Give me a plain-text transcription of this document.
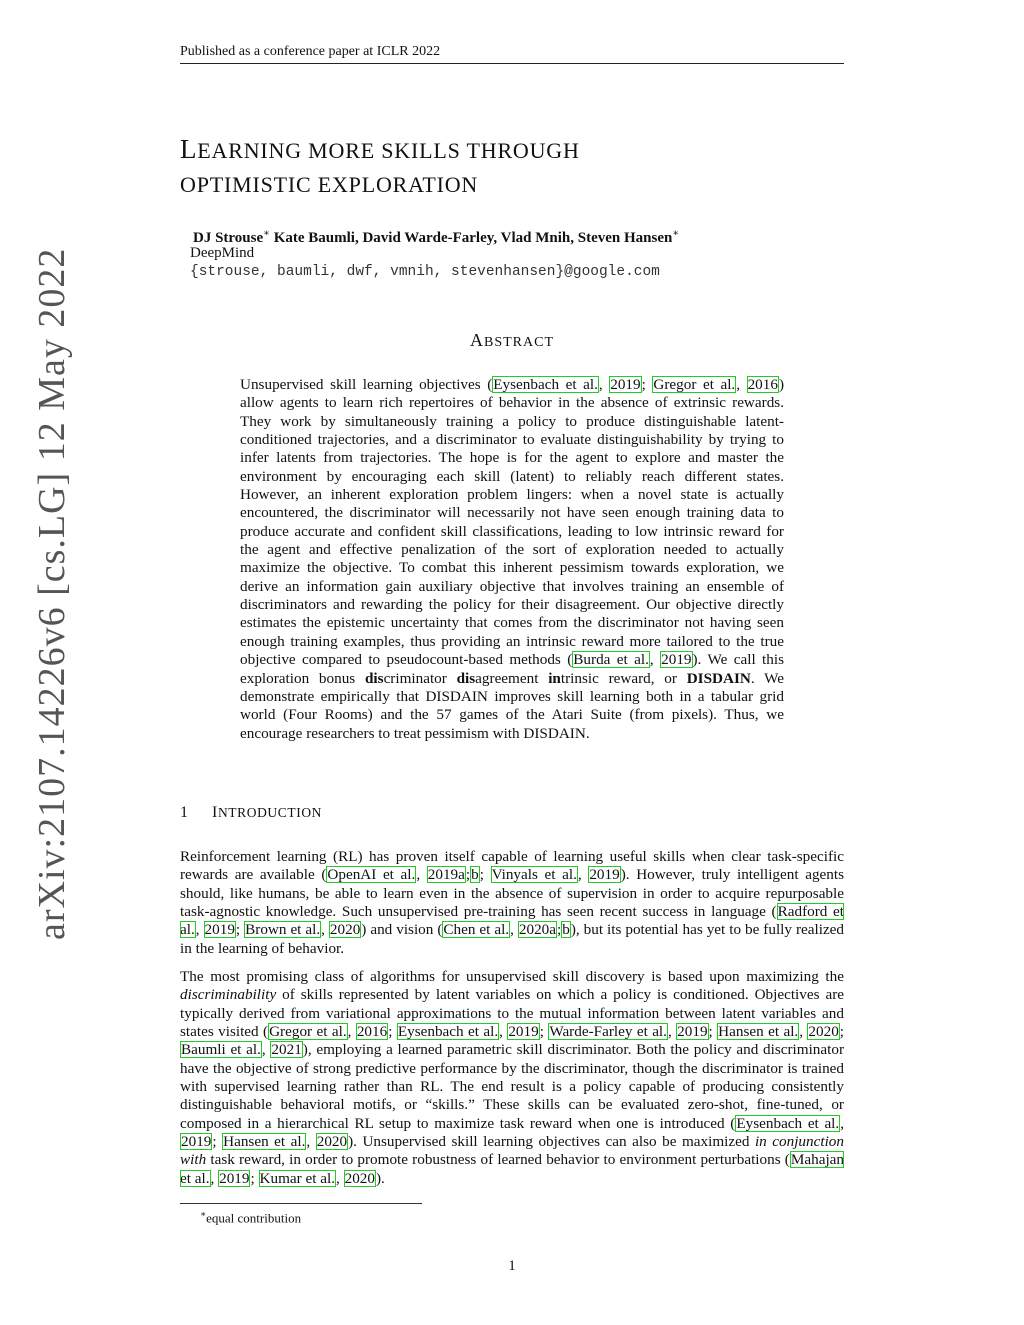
Published as a conference paper at ICLR 2022
LEARNING MORE SKILLS THROUGH
OPTIMISTIC EXPLORATION
DJ Strouse∗ Kate Baumli, David Warde-Farley, Vlad Mnih, Steven Hansen∗
DeepMind
{strouse, baumli, dwf, vmnih, stevenhansen}@google.com
arXiv:2107.14226v6 [cs.LG] 12 May 2022	ABSTRACT
Unsupervised skill learning objectives (Eysenbach et al., 2019; Gregor et al., 2016) allow agents to learn rich repertoires of behavior in the absence of extrinsic rewards. They work by simultaneously training a policy to produce distinguishable latent-conditioned trajectories, and a discriminator to evaluate distinguishability by trying to infer latents from trajectories. The hope is for the agent to explore and master the environment by encouraging each skill (latent) to reliably reach different states. However, an inherent exploration problem lingers: when a novel state is actually encountered, the discriminator will necessarily not have seen enough training data to produce accurate and confident skill classifications, leading to low intrinsic reward for the agent and effective penalization of the sort of exploration needed to actually maximize the objective. To combat this inherent pessimism towards exploration, we derive an information gain auxiliary objective that involves training an ensemble of discriminators and rewarding the policy for their disagreement. Our objective directly estimates the epistemic uncertainty that comes from the discriminator not having seen enough training examples, thus providing an intrinsic reward more tailored to the true objective compared to pseudocount-based methods (Burda et al., 2019). We call this exploration bonus discriminator disagreement intrinsic reward, or DISDAIN. We demonstrate empirically that DISDAIN improves skill learning both in a tabular grid world (Four Rooms) and the 57 games of the Atari Suite (from pixels). Thus, we encourage researchers to treat pessimism with DISDAIN.
1 INTRODUCTION
Reinforcement learning (RL) has proven itself capable of learning useful skills when clear task-specific rewards are available (OpenAI et al., 2019a;b; Vinyals et al., 2019). However, truly intelligent agents should, like humans, be able to learn even in the absence of supervision in order to acquire repurposable task-agnostic knowledge. Such unsupervised pre-training has seen recent success in language (Radford et al., 2019; Brown et al., 2020) and vision (Chen et al., 2020a;b), but its potential has yet to be fully realized in the learning of behavior.
The most promising class of algorithms for unsupervised skill discovery is based upon maximizing the discriminability of skills represented by latent variables on which a policy is conditioned. Objectives are typically derived from variational approximations to the mutual information between latent variables and states visited (Gregor et al., 2016; Eysenbach et al., 2019; Warde-Farley et al., 2019; Hansen et al., 2020; Baumli et al., 2021), employing a learned parametric skill discriminator. Both the policy and discriminator have the objective of strong predictive performance by the discriminator, though the discriminator is trained with supervised learning rather than RL. The end result is a policy capable of producing consistently distinguishable behavioral motifs, or “skills.” These skills can be evaluated zero-shot, fine-tuned, or composed in a hierarchical RL setup to maximize task reward when one is introduced (Eysenbach et al., 2019; Hansen et al., 2020). Unsupervised skill learning objectives can also be maximized in conjunction with task reward, in order to promote robustness of learned behavior to environment perturbations (Mahajan et al., 2019; Kumar et al., 2020).
∗equal contribution
1
